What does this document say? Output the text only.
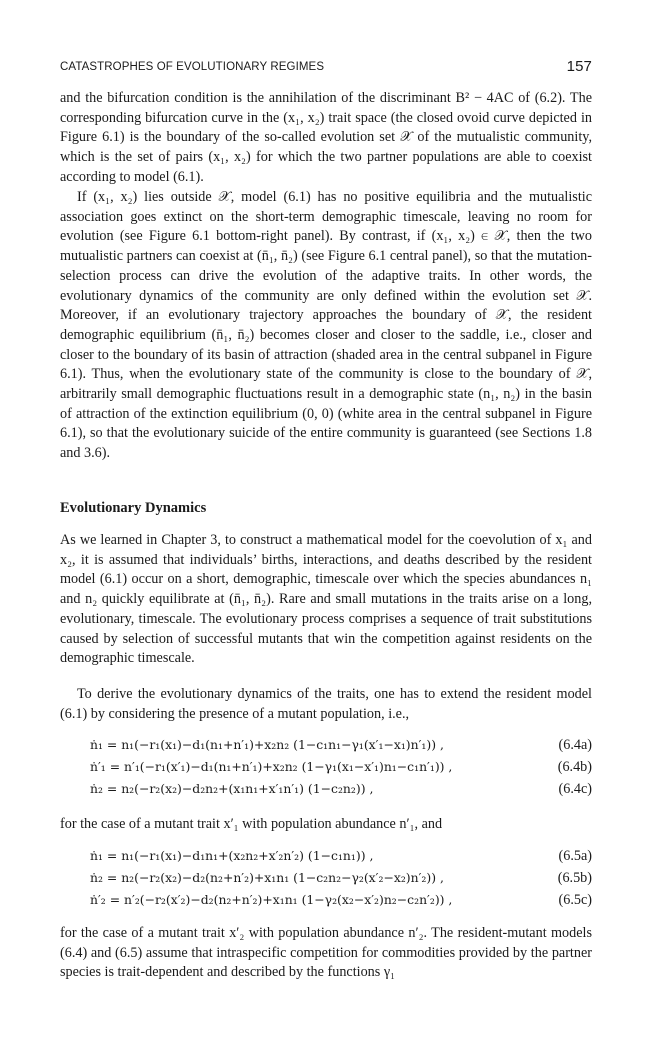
CATASTROPHES OF EVOLUTIONARY REGIMES	157

and the bifurcation condition is the annihilation of the discriminant B² − 4AC of (6.2). The corresponding bifurcation curve in the (x₁, x₂) trait space (the closed ovoid curve depicted in Figure 6.1) is the boundary of the so-called evolution set 𝒳 of the mutualistic community, which is the set of pairs (x₁, x₂) for which the two partner populations are able to coexist according to model (6.1).

If (x₁, x₂) lies outside 𝒳, model (6.1) has no positive equilibria and the mutualistic association goes extinct on the short-term demographic timescale, leaving no room for evolution (see Figure 6.1 bottom-right panel). By contrast, if (x₁, x₂) ∈ 𝒳, then the two mutualistic partners can coexist at (n̄₁, n̄₂) (see Figure 6.1 central panel), so that the mutation-selection process can drive the evolution of the adaptive traits. In other words, the evolutionary dynamics of the community are only defined within the evolution set 𝒳. Moreover, if an evolutionary trajectory approaches the boundary of 𝒳, the resident demographic equilibrium (n̄₁, n̄₂) becomes closer and closer to the saddle, i.e., closer and closer to the boundary of its basin of attraction (shaded area in the central subpanel in Figure 6.1). Thus, when the evolutionary state of the community is close to the boundary of 𝒳, arbitrarily small demographic fluctuations result in a demographic state (n₁, n₂) in the basin of attraction of the extinction equilibrium (0, 0) (white area in the central subpanel in Figure 6.1), so that the evolutionary suicide of the entire community is guaranteed (see Sections 1.8 and 3.6).

Evolutionary Dynamics

As we learned in Chapter 3, to construct a mathematical model for the coevolution of x₁ and x₂, it is assumed that individuals’ births, interactions, and deaths described by the resident model (6.1) occur on a short, demographic, timescale over which the species abundances n₁ and n₂ quickly equilibrate at (n̄₁, n̄₂). Rare and small mutations in the traits arise on a long, evolutionary, timescale. The evolutionary process comprises a sequence of trait substitutions caused by selection of successful mutants that win the competition against residents on the demographic timescale.

To derive the evolutionary dynamics of the traits, one has to extend the resident model (6.1) by considering the presence of a mutant population, i.e.,

ṅ₁ = n₁(−r₁(x₁)−d₁(n₁+n′₁)+x₂n₂ (1−c₁n₁−γ₁(x′₁−x₁)n′₁)) ,	(6.4a)
ṅ′₁ = n′₁(−r₁(x′₁)−d₁(n₁+n′₁)+x₂n₂ (1−γ₁(x₁−x′₁)n₁−c₁n′₁)) ,	(6.4b)
ṅ₂ = n₂(−r₂(x₂)−d₂n₂+(x₁n₁+x′₁n′₁) (1−c₂n₂)) ,	(6.4c)

for the case of a mutant trait x′₁ with population abundance n′₁, and

ṅ₁ = n₁(−r₁(x₁)−d₁n₁+(x₂n₂+x′₂n′₂) (1−c₁n₁)) ,	(6.5a)
ṅ₂ = n₂(−r₂(x₂)−d₂(n₂+n′₂)+x₁n₁ (1−c₂n₂−γ₂(x′₂−x₂)n′₂)) ,	(6.5b)
ṅ′₂ = n′₂(−r₂(x′₂)−d₂(n₂+n′₂)+x₁n₁ (1−γ₂(x₂−x′₂)n₂−c₂n′₂)) ,	(6.5c)

for the case of a mutant trait x′₂ with population abundance n′₂. The resident-mutant models (6.4) and (6.5) assume that intraspecific competition for commodities provided by the partner species is trait-dependent and described by the functions γ₁
